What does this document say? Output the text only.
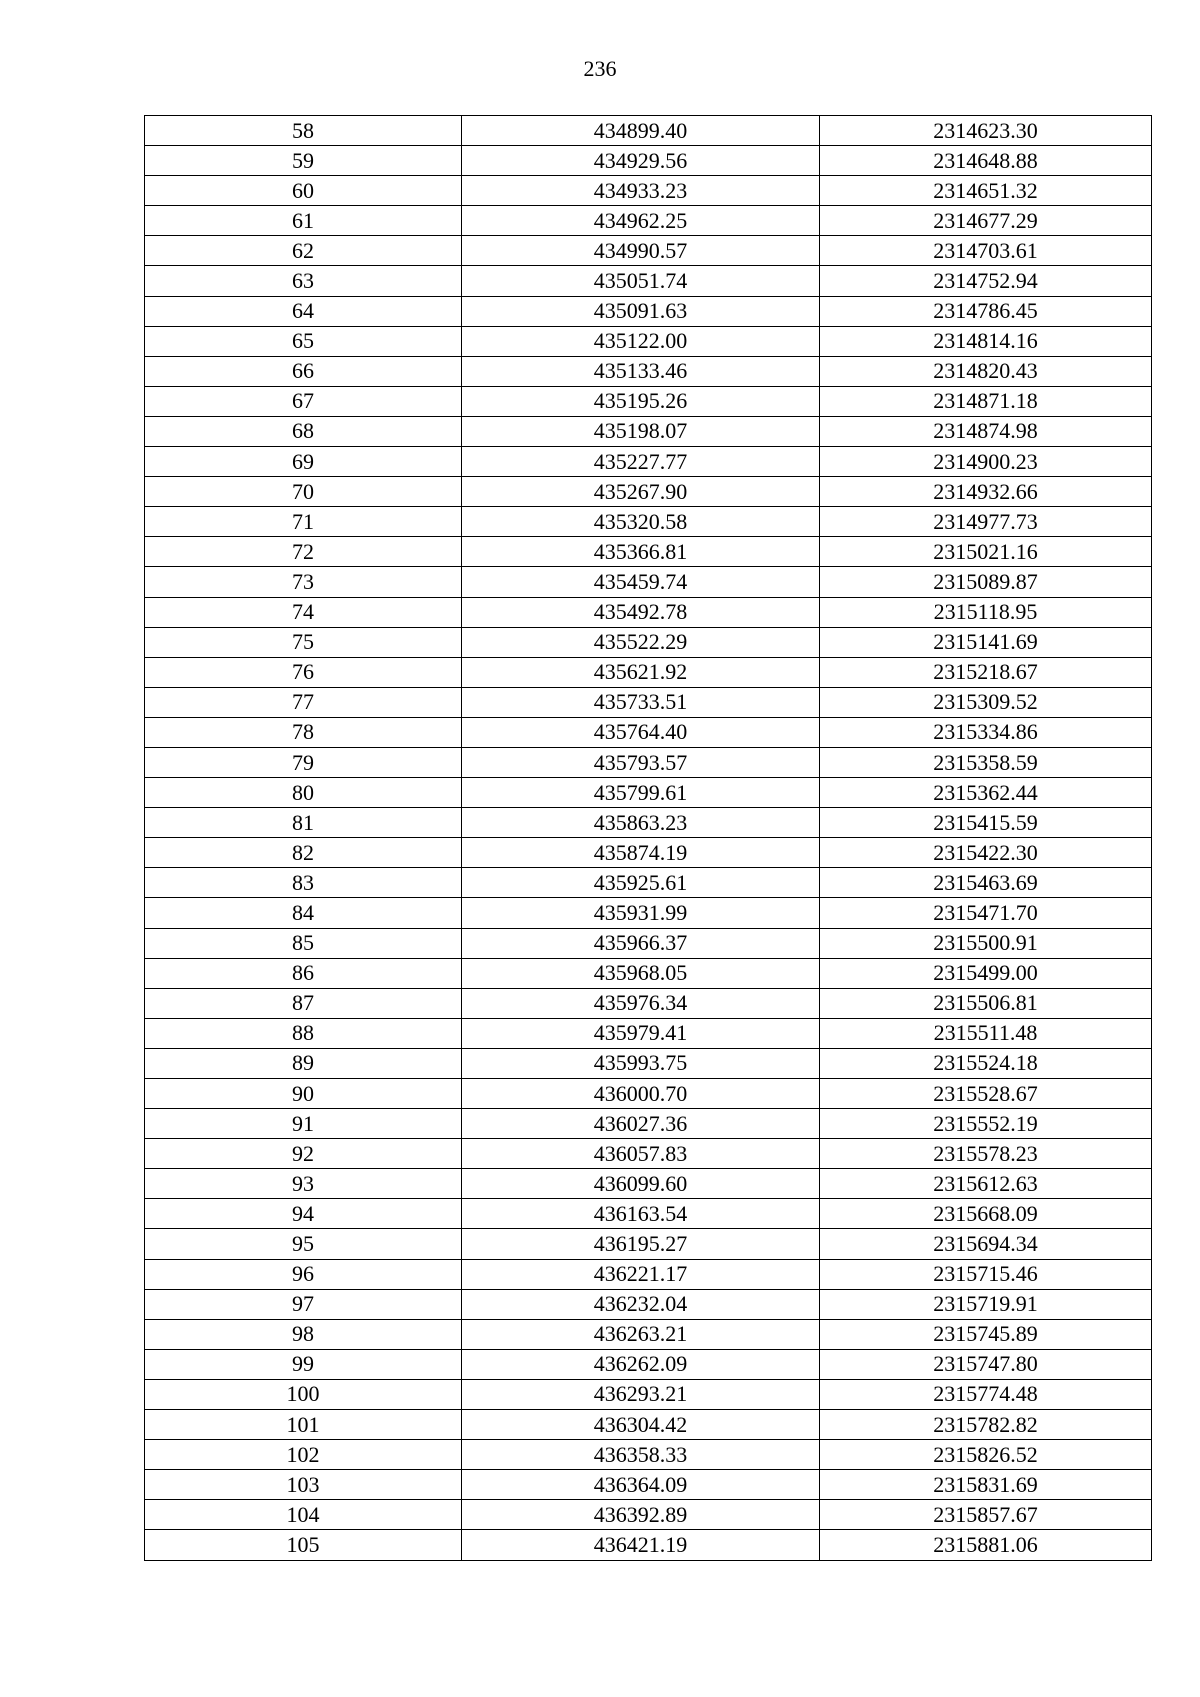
236
58	434899.40	2314623.30
59	434929.56	2314648.88
60	434933.23	2314651.32
61	434962.25	2314677.29
62	434990.57	2314703.61
63	435051.74	2314752.94
64	435091.63	2314786.45
65	435122.00	2314814.16
66	435133.46	2314820.43
67	435195.26	2314871.18
68	435198.07	2314874.98
69	435227.77	2314900.23
70	435267.90	2314932.66
71	435320.58	2314977.73
72	435366.81	2315021.16
73	435459.74	2315089.87
74	435492.78	2315118.95
75	435522.29	2315141.69
76	435621.92	2315218.67
77	435733.51	2315309.52
78	435764.40	2315334.86
79	435793.57	2315358.59
80	435799.61	2315362.44
81	435863.23	2315415.59
82	435874.19	2315422.30
83	435925.61	2315463.69
84	435931.99	2315471.70
85	435966.37	2315500.91
86	435968.05	2315499.00
87	435976.34	2315506.81
88	435979.41	2315511.48
89	435993.75	2315524.18
90	436000.70	2315528.67
91	436027.36	2315552.19
92	436057.83	2315578.23
93	436099.60	2315612.63
94	436163.54	2315668.09
95	436195.27	2315694.34
96	436221.17	2315715.46
97	436232.04	2315719.91
98	436263.21	2315745.89
99	436262.09	2315747.80
100	436293.21	2315774.48
101	436304.42	2315782.82
102	436358.33	2315826.52
103	436364.09	2315831.69
104	436392.89	2315857.67
105	436421.19	2315881.06
